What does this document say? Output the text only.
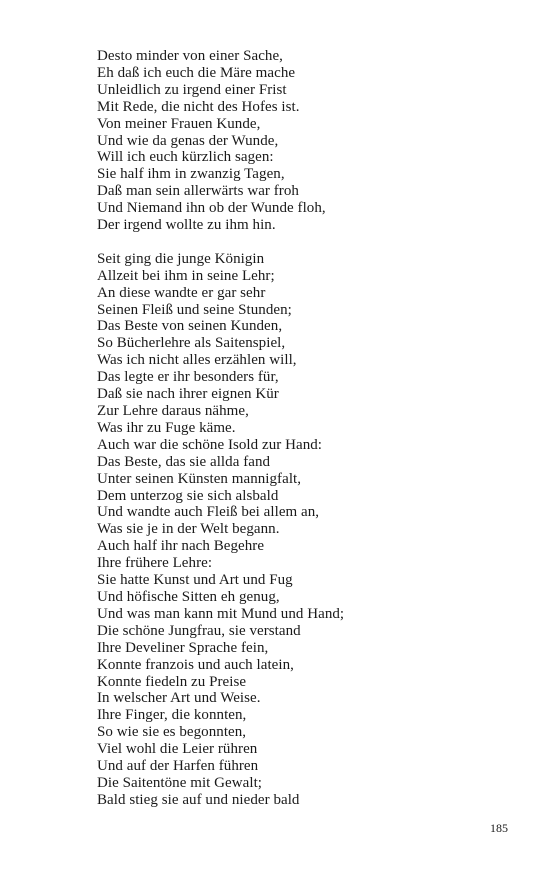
Desto minder von einer Sache,
Eh daß ich euch die Märe mache
Unleidlich zu irgend einer Frist
Mit Rede, die nicht des Hofes ist.
Von meiner Frauen Kunde,
Und wie da genas der Wunde,
Will ich euch kürzlich sagen:
Sie half ihm in zwanzig Tagen,
Daß man sein allerwärts war froh
Und Niemand ihn ob der Wunde floh,
Der irgend wollte zu ihm hin.
Seit ging die junge Königin
Allzeit bei ihm in seine Lehr;
An diese wandte er gar sehr
Seinen Fleiß und seine Stunden;
Das Beste von seinen Kunden,
So Bücherlehre als Saitenspiel,
Was ich nicht alles erzählen will,
Das legte er ihr besonders für,
Daß sie nach ihrer eignen Kür
Zur Lehre daraus nähme,
Was ihr zu Fuge käme.
Auch war die schöne Isold zur Hand:
Das Beste, das sie allda fand
Unter seinen Künsten mannigfalt,
Dem unterzog sie sich alsbald
Und wandte auch Fleiß bei allem an,
Was sie je in der Welt begann.
Auch half ihr nach Begehre
Ihre frühere Lehre:
Sie hatte Kunst und Art und Fug
Und höfische Sitten eh genug,
Und was man kann mit Mund und Hand;
Die schöne Jungfrau, sie verstand
Ihre Develiner Sprache fein,
Konnte franzois und auch latein,
Konnte fiedeln zu Preise
In welscher Art und Weise.
Ihre Finger, die konnten,
So wie sie es begonnten,
Viel wohl die Leier rühren
Und auf der Harfen führen
Die Saitentöne mit Gewalt;
Bald stieg sie auf und nieder bald
185
